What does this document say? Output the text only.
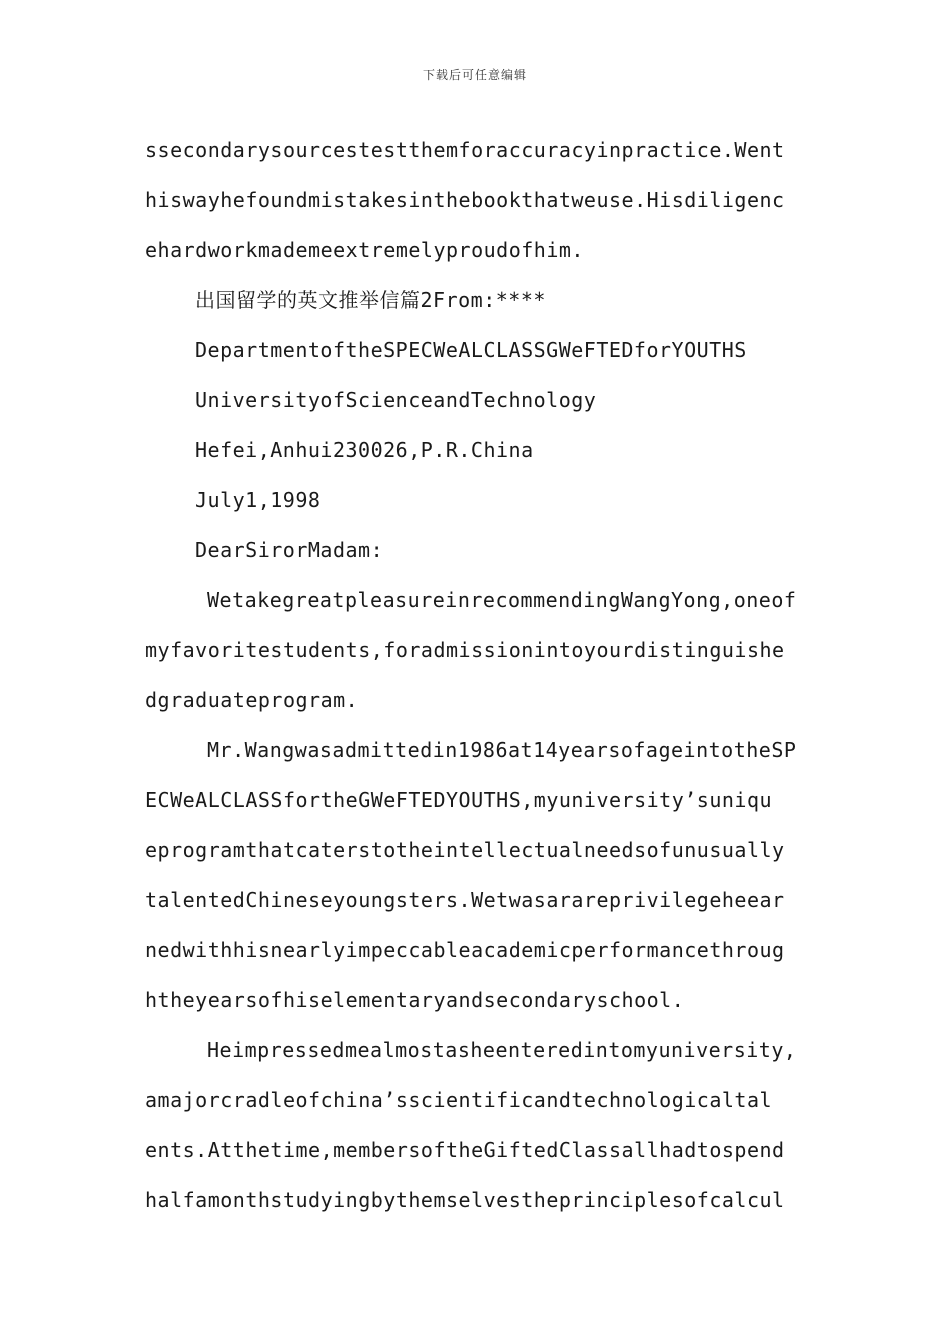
下载后可任意编辑
ssecondarysourcestestthemforaccuracyinpractice.Went
hiswayhefoundmistakesinthebookthatweuse.Hisdiligenc
ehardworkmademeextremelyproudofhim.
出国留学的英文推举信篇2From:****
DepartmentoftheSPECWeALCLASSGWeFTEDforYOUTHS
UniversityofScienceandTechnology
Hefei,Anhui230026,P.R.China
July1,1998
DearSirorMadam:
WetakegreatpleasureinrecommendingWangYong,oneof
myfavoritestudents,foradmissionintoyourdistinguishe
dgraduateprogram.
Mr.Wangwasadmittedin1986at14yearsofageintotheSP
ECWeALCLASSfortheGWeFTEDYOUTHS,myuniversity’suniqu
eprogramthatcaterstotheintellectualneedsofunusually
talentedChineseyoungsters.Wetwasarareprivilegeheear
nedwithhisnearlyimpeccableacademicperformancethroug
htheyearsofhiselementaryandsecondaryschool.
Heimpressedmealmostasheenteredintomyuniversity,
amajorcradleofchina’sscientificandtechnologicaltal
ents.Atthetime,membersoftheGiftedClassallhadtospend
halfamonthstudyingbythemselvestheprinciplesofcalcul
